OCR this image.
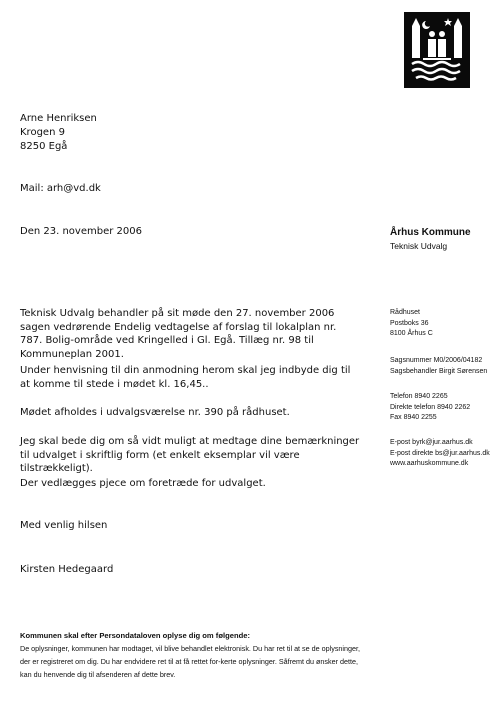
Arne Henriksen
Krogen 9
8250 Egå
Mail: arh@vd.dk
Den 23. november 2006	Århus Kommune
Teknisk Udvalg
Teknisk Udvalg behandler på sit møde den 27. november 2006 sagen vedrørende Endelig vedtagelse af forslag til lokalplan nr. 787. Bolig-område ved Kringelled i Gl. Egå. Tillæg nr. 98 til Kommuneplan 2001.
Under henvisning til din anmodning herom skal jeg indbyde dig til at komme til stede i mødet kl. 16,45..
Mødet afholdes i udvalgsværelse nr. 390 på rådhuset.
Jeg skal bede dig om så vidt muligt at medtage dine bemærkninger til udvalget i skriftlig form (et enkelt eksemplar vil være tilstrækkeligt).
Der vedlægges pjece om foretræde for udvalget.
Med venlig hilsen
Kirsten Hedegaard
Rådhuset
Postboks 36
8100 Århus C
Sagsnummer M0/2006/04182
Sagsbehandler Birgit Sørensen
Telefon 8940 2265
Direkte telefon 8940 2262
Fax 8940 2255
E-post byrk@jur.aarhus.dk
E-post direkte bs@jur.aarhus.dk
www.aarhuskommune.dk
Kommunen skal efter Persondataloven oplyse dig om følgende:
De oplysninger, kommunen har modtaget, vil blive behandlet elektronisk. Du har ret til at se de oplysninger, der er registreret om dig. Du har endvidere ret til at få rettet for-kerte oplysninger. Såfremt du ønsker dette, kan du henvende dig til afsenderen af dette brev.
